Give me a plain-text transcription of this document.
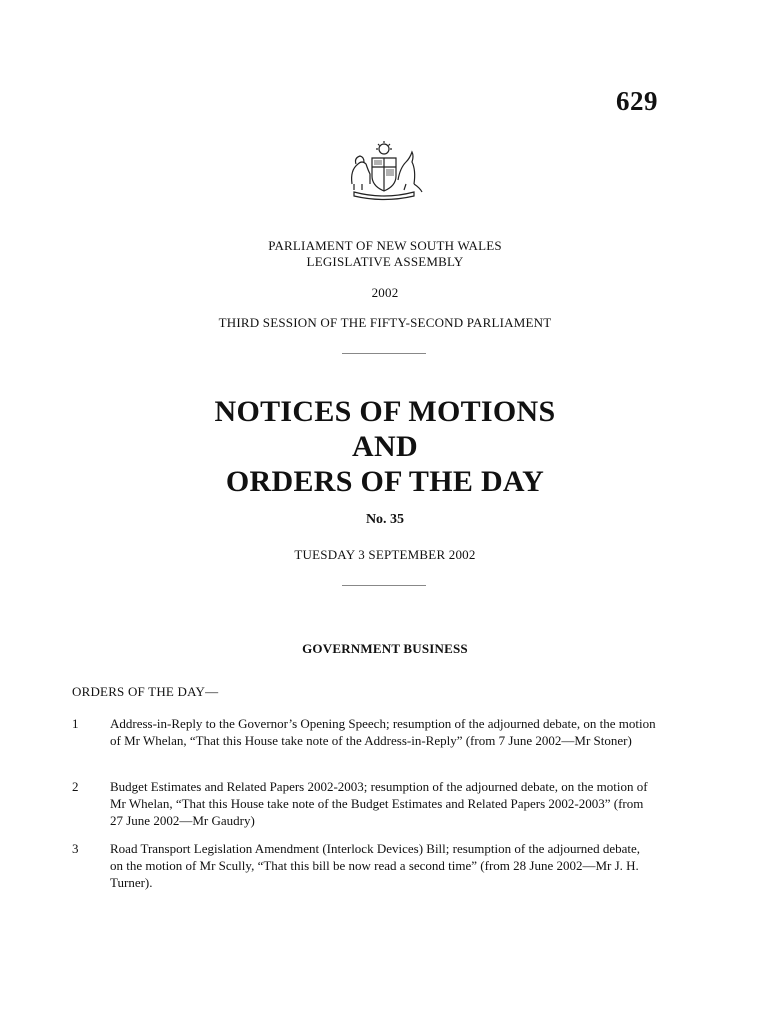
629
PARLIAMENT OF NEW SOUTH WALES
LEGISLATIVE ASSEMBLY
2002
THIRD SESSION OF THE FIFTY-SECOND PARLIAMENT
NOTICES OF MOTIONS
AND
ORDERS OF THE DAY
No. 35
TUESDAY 3 SEPTEMBER 2002
GOVERNMENT BUSINESS
ORDERS OF THE DAY—
1 Address-in-Reply to the Governor’s Opening Speech; resumption of the adjourned debate, on the motion of Mr Whelan, “That this House take note of the Address-in-Reply” (from 7 June 2002—Mr Stoner)
2 Budget Estimates and Related Papers 2002-2003; resumption of the adjourned debate, on the motion of Mr Whelan, “That this House take note of the Budget Estimates and Related Papers 2002-2003” (from 27 June 2002—Mr Gaudry)
3 Road Transport Legislation Amendment (Interlock Devices) Bill; resumption of the adjourned debate, on the motion of Mr Scully, “That this bill be now read a second time” (from 28 June 2002—Mr J. H. Turner).
